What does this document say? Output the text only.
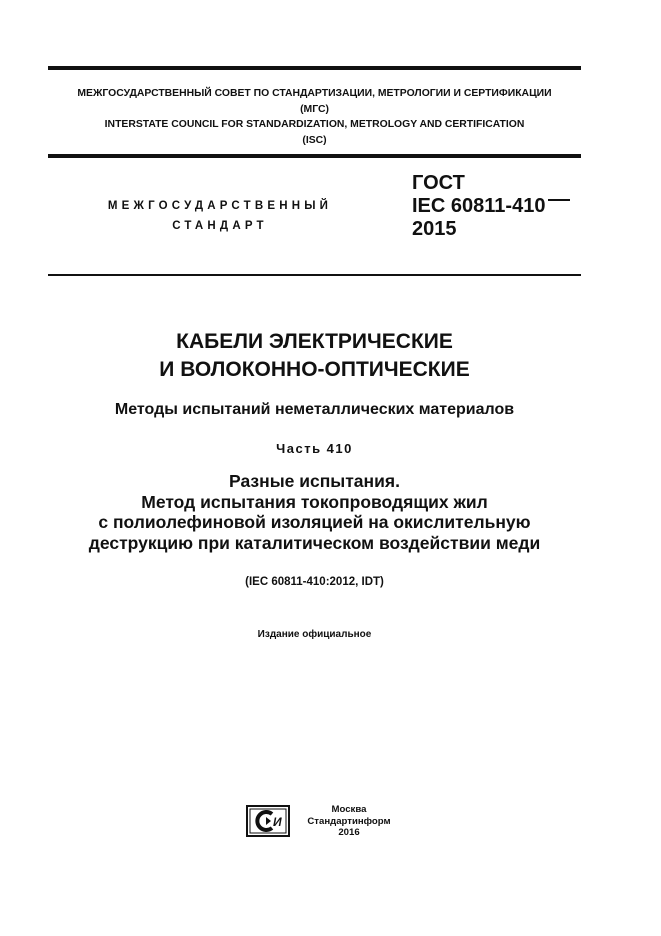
МЕЖГОСУДАРСТВЕННЫЙ СОВЕТ ПО СТАНДАРТИЗАЦИИ, МЕТРОЛОГИИ И СЕРТИФИКАЦИИ
(МГС)
INTERSTATE COUNCIL FOR STANDARDIZATION, METROLOGY AND CERTIFICATION
(ISC)
МЕЖГОСУДАРСТВЕННЫЙ
СТАНДАРТ
ГОСТ
IEC 60811-410
2015
КАБЕЛИ ЭЛЕКТРИЧЕСКИЕ
И ВОЛОКОННО-ОПТИЧЕСКИЕ
Методы испытаний неметаллических материалов
Часть 410
Разные испытания.
Метод испытания токопроводящих жил
с полиолефиновой изоляцией на окислительную
деструкцию при каталитическом воздействии меди
(IEC 60811-410:2012, IDT)
Издание официальное
И
Москва
Стандартинформ
2016
